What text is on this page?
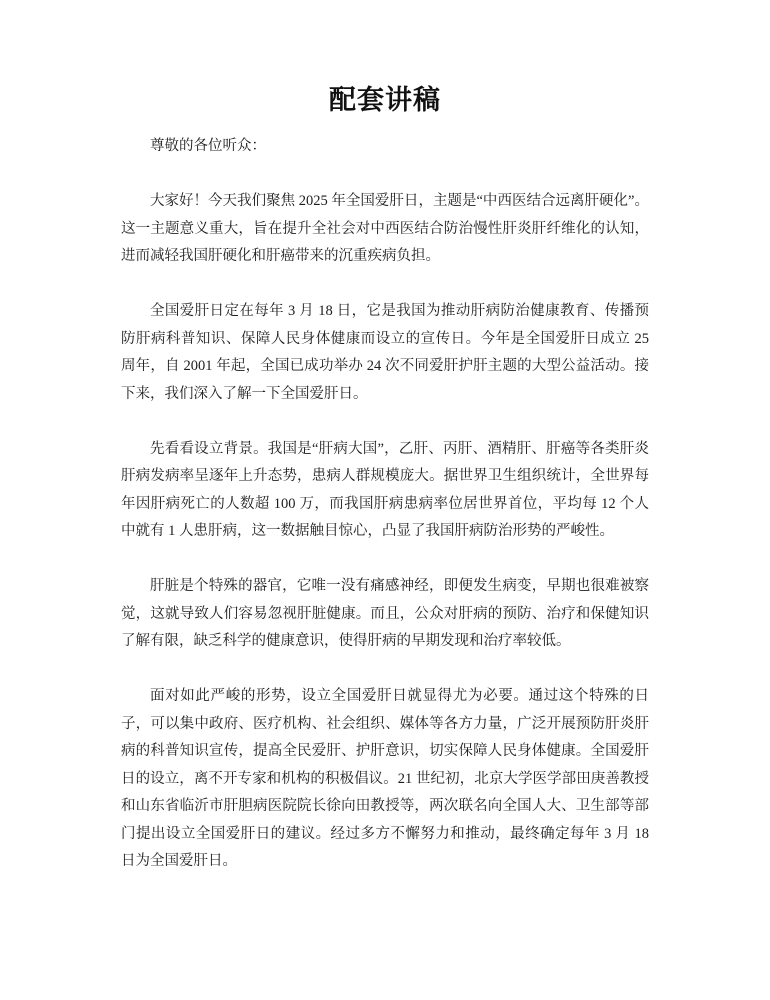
配套讲稿

尊敬的各位听众：

大家好！今天我们聚焦 2025 年全国爱肝日，主题是“中西医结合远离肝硬化”。这一主题意义重大，旨在提升全社会对中西医结合防治慢性肝炎肝纤维化的认知，进而减轻我国肝硬化和肝癌带来的沉重疾病负担。

全国爱肝日定在每年 3 月 18 日，它是我国为推动肝病防治健康教育、传播预防肝病科普知识、保障人民身体健康而设立的宣传日。今年是全国爱肝日成立 25 周年，自 2001 年起，全国已成功举办 24 次不同爱肝护肝主题的大型公益活动。接下来，我们深入了解一下全国爱肝日。

先看看设立背景。我国是“肝病大国”，乙肝、丙肝、酒精肝、肝癌等各类肝炎肝病发病率呈逐年上升态势，患病人群规模庞大。据世界卫生组织统计，全世界每年因肝病死亡的人数超 100 万，而我国肝病患病率位居世界首位，平均每 12 个人中就有 1 人患肝病，这一数据触目惊心，凸显了我国肝病防治形势的严峻性。

肝脏是个特殊的器官，它唯一没有痛感神经，即便发生病变，早期也很难被察觉，这就导致人们容易忽视肝脏健康。而且，公众对肝病的预防、治疗和保健知识了解有限，缺乏科学的健康意识，使得肝病的早期发现和治疗率较低。

面对如此严峻的形势，设立全国爱肝日就显得尤为必要。通过这个特殊的日子，可以集中政府、医疗机构、社会组织、媒体等各方力量，广泛开展预防肝炎肝病的科普知识宣传，提高全民爱肝、护肝意识，切实保障人民身体健康。全国爱肝日的设立，离不开专家和机构的积极倡议。21 世纪初，北京大学医学部田庚善教授和山东省临沂市肝胆病医院院长徐向田教授等，两次联名向全国人大、卫生部等部门提出设立全国爱肝日的建议。经过多方不懈努力和推动，最终确定每年 3 月 18 日为全国爱肝日。
